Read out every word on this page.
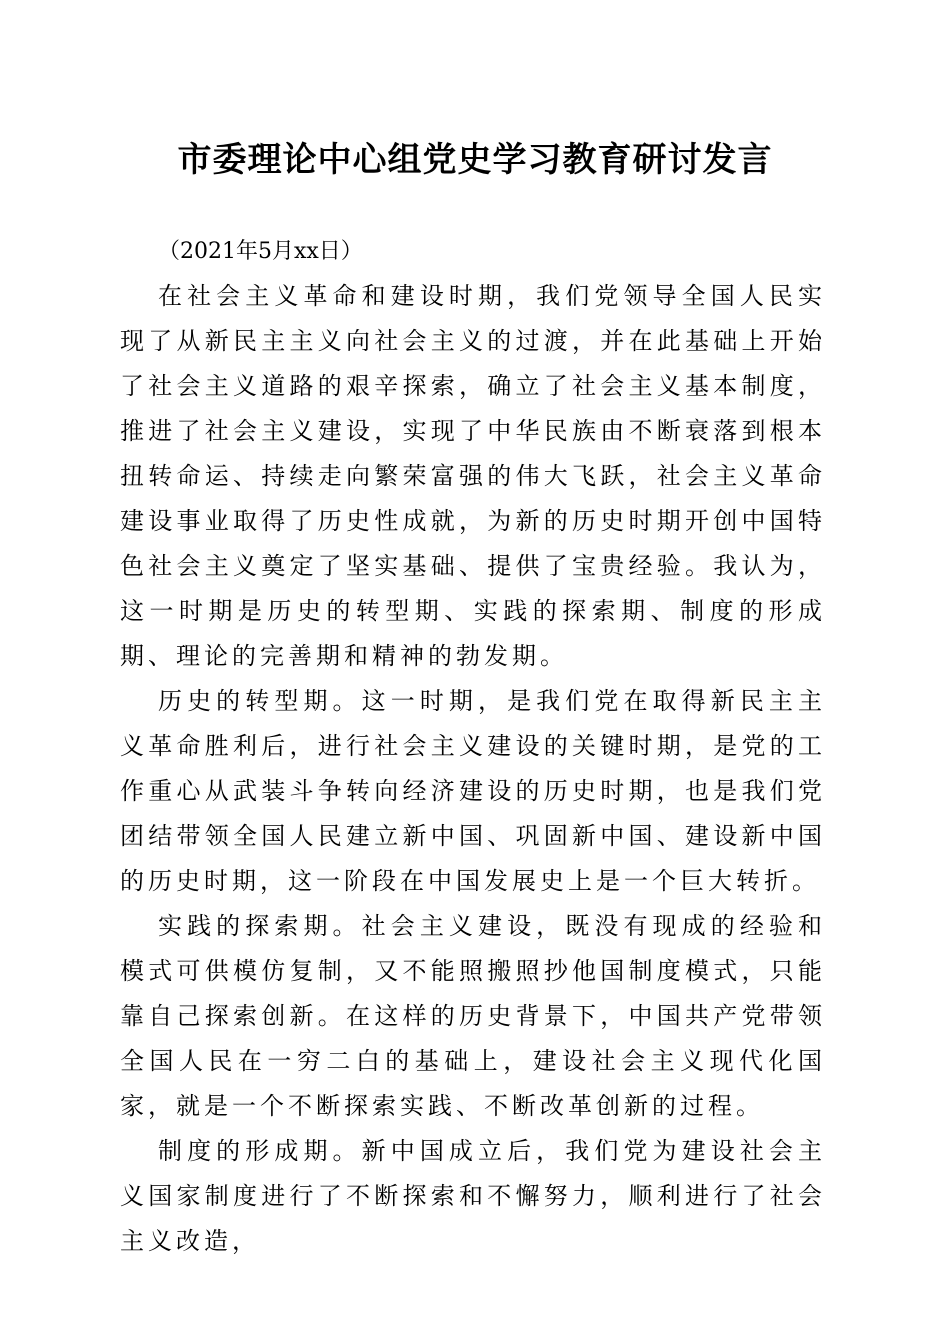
市委理论中心组党史学习教育研讨发言

（2021年5月xx日）

在社会主义革命和建设时期，我们党领导全国人民实现了从新民主主义向社会主义的过渡，并在此基础上开始了社会主义道路的艰辛探索，确立了社会主义基本制度，推进了社会主义建设，实现了中华民族由不断衰落到根本扭转命运、持续走向繁荣富强的伟大飞跃，社会主义革命建设事业取得了历史性成就，为新的历史时期开创中国特色社会主义奠定了坚实基础、提供了宝贵经验。我认为，这一时期是历史的转型期、实践的探索期、制度的形成期、理论的完善期和精神的勃发期。

历史的转型期。这一时期，是我们党在取得新民主主义革命胜利后，进行社会主义建设的关键时期，是党的工作重心从武装斗争转向经济建设的历史时期，也是我们党团结带领全国人民建立新中国、巩固新中国、建设新中国的历史时期，这一阶段在中国发展史上是一个巨大转折。

实践的探索期。社会主义建设，既没有现成的经验和模式可供模仿复制，又不能照搬照抄他国制度模式，只能靠自己探索创新。在这样的历史背景下，中国共产党带领全国人民在一穷二白的基础上，建设社会主义现代化国家，就是一个不断探索实践、不断改革创新的过程。

制度的形成期。新中国成立后，我们党为建设社会主义国家制度进行了不断探索和不懈努力，顺利进行了社会主义改造，
